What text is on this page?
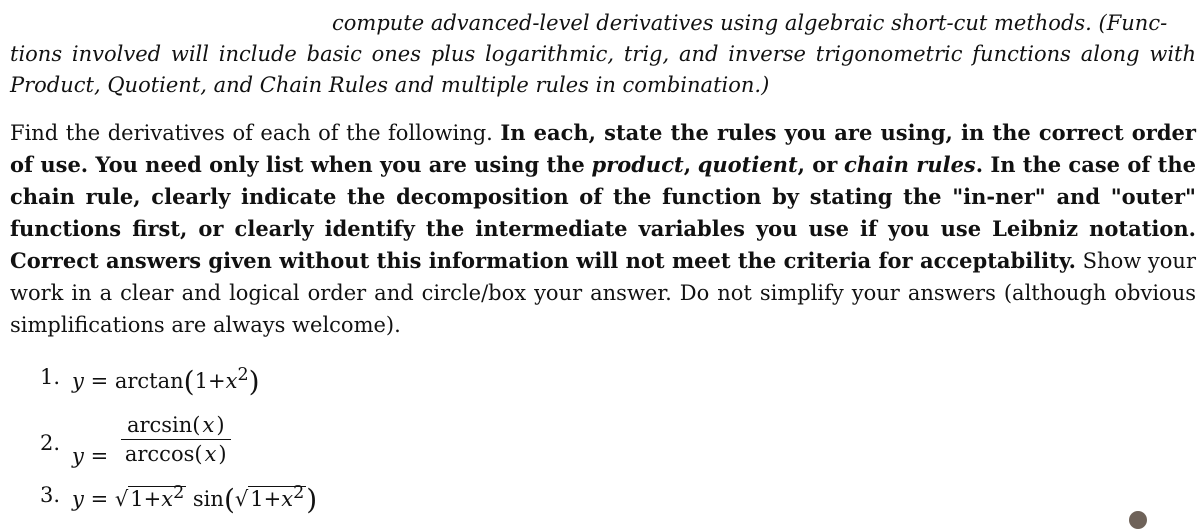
compute advanced-level derivatives using algebraic short-cut methods. (Func-
tions involved will include basic ones plus logarithmic, trig, and inverse trigonometric functions along with Product, Quotient, and Chain Rules and multiple rules in combination.)

Find the derivatives of each of the following. In each, state the rules you are using, in the correct order of use. You need only list when you are using the product, quotient, or chain rules. In the case of the chain rule, clearly indicate the decomposition of the function by stating the "in-ner" and "outer" functions first, or clearly identify the intermediate variables you use if you use Leibniz notation. Correct answers given without this information will not meet the criteria for acceptability. Show your work in a clear and logical order and circle/box your answer. Do not simplify your answers (although obvious simplifications are always welcome).

1. $y = \arctan(1+x^2)$
2.
$y = \frac{\arcsin(x)}{\arccos(x)}$
3. $y = √1+x^2$ $\sin(√1+x^2)$
